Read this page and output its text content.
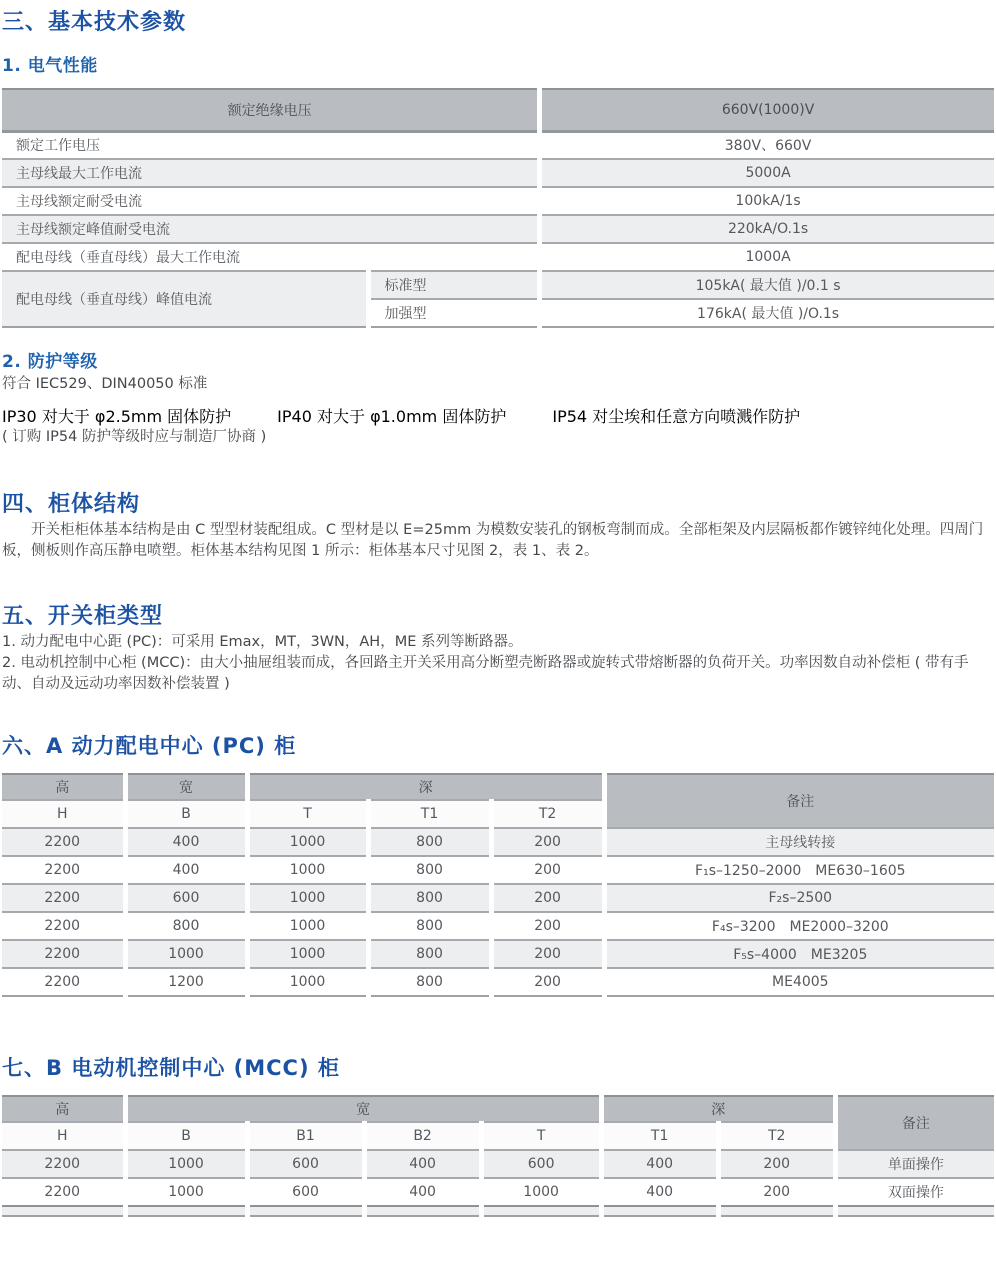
三、基本技术参数
1. 电气性能
额定绝缘电压		660V(1000)V
额定工作电压		380V、660V
主母线最大工作电流		5000A
主母线额定耐受电流		100kA/1s
主母线额定峰值耐受电流		220kA/O.1s
配电母线（垂直母线）最大工作电流		1000A
配电母线（垂直母线）峰值电流	标准型	105kA( 最大值 )/0.1 s
	加强型	176kA( 最大值 )/O.1s
2. 防护等级

符合 IEC529、DIN40050 标准

IP30 对大于 φ2.5mm 固体防护	IP40 对大于 φ1.0mm 固体防护	IP54 对尘埃和任意方向喷溅作防护

( 订购 IP54 防护等级时应与制造厂协商 )

四、柜体结构

开关柜柜体基本结构是由 C 型型材装配组成。C 型材是以 E=25mm 为模数安装孔的钢板弯制而成。全部柜架及内层隔板都作镀锌纯化处理。四周门板，侧板则作高压静电喷塑。柜体基本结构见图 1 所示：柜体基本尺寸见图 2，表 1、表 2。

五、开关柜类型

1. 动力配电中心距 (PC)：可采用 Emax，MT，3WN，AH，ME 系列等断路器。

2. 电动机控制中心柜 (MCC)：由大小抽屉组装而成，各回路主开关采用高分断塑壳断路器或旋转式带熔断器的负荷开关。功率因数自动补偿柜 ( 带有手动、自动及远动功率因数补偿装置 )

六、A 动力配电中心 (PC) 柜
高	宽	深			备注
H	B	T	T1	T2	
2200	400	1000	800	200	主母线转接
2200	400	1000	800	200	F₁s–1250–2000　ME630–1605
2200	600	1000	800	200	F₂s–2500
2200	800	1000	800	200	F₄s–3200　ME2000–3200
2200	1000	1000	800	200	F₅s–4000　ME3205
2200	1200	1000	800	200	ME4005
七、B 电动机控制中心 (MCC) 柜
高	宽				深		备注
H	B	B1	B2	T	T1	T2	
2200	1000	600	400	600	400	200	单面操作
2200	1000	600	400	1000	400	200	双面操作
